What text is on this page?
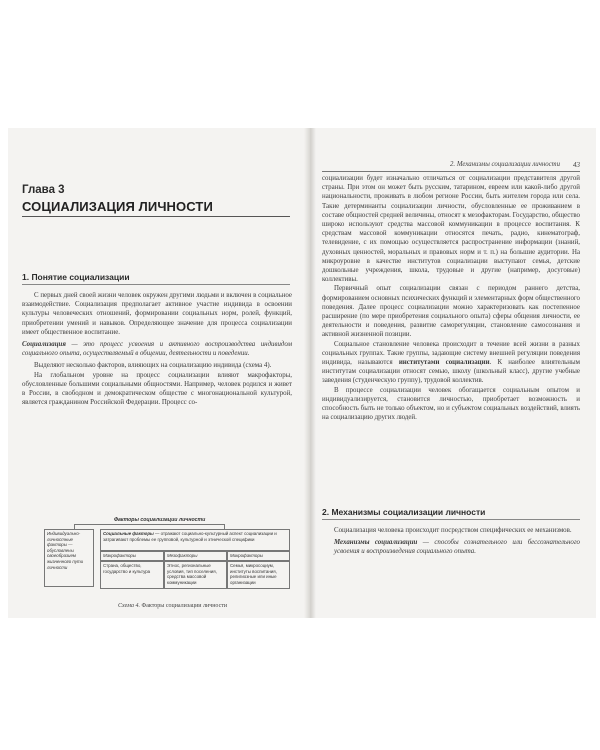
Глава 3
СОЦИАЛИЗАЦИЯ ЛИЧНОСТИ
1. Понятие социализации

С первых дней своей жизни человек окружен другими людьми и включен в социальное взаимодействие. Социализация предполагает активное участие индивида в освоении культуры человеческих отношений, формировании социальных норм, ролей, функций, приобретении умений и навыков. Определяющее значение для процесса социализации имеет общественное воспитание.

Социализация — это процесс усвоения и активного воспроизводства индивидом социального опыта, осуществляемый в общении, деятельности и поведении.

Выделяют несколько факторов, влияющих на социализацию индивида (схема 4).

На глобальном уровне на процесс социализации влияют макрофакторы, обусловленные большими социальными общностями. Например, человек родился и живет в России, в свободном и демократическом обществе с многонациональной культурой, является гражданином Российской Федерации. Процесс со-

Факторы социализации личности
Индивидуально-личностные факторы — обусловлены своеобразием жизненного пути личности
Социальные факторы — отражают социально-культурный аспект социализации и затрагивают проблемы ее групповой, культурной и этнической специфики
Макрофакторы	Мезофакторы	Микрофакторы
Страна, общество, государство и культура
Этнос, региональные условия, тип поселения, средства массовой коммуникации
Семья, микросоциум, институты воспитания, религиозные или иные организации
Схема 4. Факторы социализации личности
2. Механизмы социализации личности 43

социализации будет изначально отличаться от социализации представителя другой страны. При этом он может быть русским, татарином, евреем или какой-либо другой национальности, проживать в любом регионе России, быть жителем города или села. Такие детерминанты социализации личности, обусловленные ее проживанием в составе общностей средней величины, относят к мезофакторам. Государство, общество широко используют средства массовой коммуникации в процессе воспитания. К средствам массовой коммуникации относятся печать, радио, кинематограф, телевидение, с их помощью осуществляется распространение информации (знаний, духовных ценностей, моральных и правовых норм и т. п.) на большие аудитории. На микроуровне в качестве институтов социализации выступают семья, детские дошкольные учреждения, школа, трудовые и другие (например, досуговые) коллективы.

Первичный опыт социализации связан с периодом раннего детства, формированием основных психических функций и элементарных форм общественного поведения. Далее процесс социализации можно характеризовать как постепенное расширение (по мере приобретения социального опыта) сферы общения личности, ее деятельности и поведения, развитие саморегуляции, становление самосознания и активной жизненной позиции.

Социальное становление человека происходит в течение всей жизни в разных социальных группах. Такие группы, задающие систему внешней регуляции поведения индивида, называются институтами социализации. К наиболее влиятельным институтам социализации относят семью, школу (школьный класс), другие учебные заведения (студенческую группу), трудовой коллектив.

В процессе социализации человек обогащается социальным опытом и индивидуализируется, становится личностью, приобретает возможность и способность быть не только объектом, но и субъектом социальных воздействий, влиять на социализацию других людей.

2. Механизмы социализации личности

Социализация человека происходит посредством специфических ее механизмов.

Механизмы социализации — способы сознательного или бессознательного усвоения и воспроизведения социального опыта.
